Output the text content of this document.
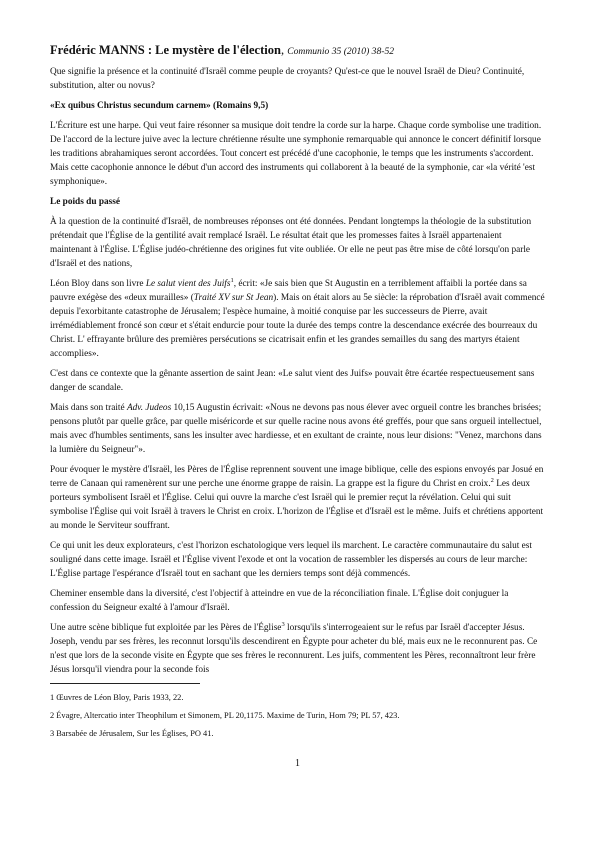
Frédéric MANNS : Le mystère de l'élection, Communio 35 (2010) 38-52

Que signifie la présence et la continuité d'Israël comme peuple de croyants? Qu'est-ce que le nouvel Israël de Dieu? Continuité, substitution, alter ou novus?

«Ex quibus Christus secundum carnem» (Romains 9,5)

L'Écriture est une harpe. Qui veut faire résonner sa musique doit tendre la corde sur la harpe. Chaque corde symbolise une tradition. De l'accord de la lecture juive avec la lecture chrétienne résulte une symphonie remarquable qui annonce le concert définitif lorsque les traditions abrahamiques seront accordées. Tout concert est précédé d'une cacophonie, le temps que les instruments s'accordent. Mais cette cacophonie annonce le début d'un accord des instruments qui collaborent à la beauté de la symphonie, car «la vérité 'est symphonique».

Le poids du passé

À la question de la continuité d'Israël, de nombreuses réponses ont été données. Pendant longtemps la théologie de la substitution prétendait que l'Église de la gentilité avait remplacé Israël. Le résultat était que les promesses faites à Israël appartenaient maintenant à l'Église. L'Église judéo-chrétienne des origines fut vite oubliée. Or elle ne peut pas être mise de côté lorsqu'on parle d'Israël et des nations,

Léon Bloy dans son livre Le salut vient des Juifs$^1$, écrit: «Je sais bien que St Augustin en a terriblement affaibli la portée dans sa pauvre exégèse des «deux murailles» (Traité XV sur St Jean). Mais on était alors au 5e siècle: la réprobation d'Israël avait commencé depuis l'exorbitante catastrophe de Jérusalem; l'espèce humaine, à moitié conquise par les successeurs de Pierre, avait irrémédiablement froncé son cœur et s'était endurcie pour toute la durée des temps contre la descendance exécrée des bourreaux du Christ. L' effrayante brûlure des premières persécutions se cicatrisait enfin et les grandes semailles du sang des martyrs étaient accomplies».

C'est dans ce contexte que la gênante assertion de saint Jean: «Le salut vient des Juifs» pouvait être écartée respectueusement sans danger de scandale.

Mais dans son traité Adv. Judeos 10,15 Augustin écrivait: «Nous ne devons pas nous élever avec orgueil contre les branches brisées; pensons plutôt par quelle grâce, par quelle miséricorde et sur quelle racine nous avons été greffés, pour que sans orgueil intellectuel, mais avec d'humbles sentiments, sans les insulter avec hardiesse, et en exultant de crainte, nous leur disions: "Venez, marchons dans la lumière du Seigneur"».

Pour évoquer le mystère d'Israël, les Pères de l'Église reprennent souvent une image biblique, celle des espions envoyés par Josué en terre de Canaan qui ramenèrent sur une perche une énorme grappe de raisin. La grappe est la figure du Christ en croix.$^2$ Les deux porteurs symbolisent Israël et l'Église. Celui qui ouvre la marche c'est Israël qui le premier reçut la révélation. Celui qui suit symbolise l'Église qui voit Israël à travers le Christ en croix. L'horizon de l'Église et d'Israël est le même. Juifs et chrétiens apportent au monde le Serviteur souffrant.

Ce qui unit les deux explorateurs, c'est l'horizon eschatologique vers lequel ils marchent. Le caractère communautaire du salut est souligné dans cette image. Israël et l'Église vivent l'exode et ont la vocation de rassembler les dispersés au cours de leur marche: L'Église partage l'espérance d'Israël tout en sachant que les derniers temps sont déjà commencés.

Cheminer ensemble dans la diversité, c'est l'objectif à atteindre en vue de la réconciliation finale. L'Église doit conjuguer la confession du Seigneur exalté à l'amour d'Israël.

Une autre scène biblique fut exploitée par les Pères de l'Église$^3$ lorsqu'ils s'interrogeaient sur le refus par Israël d'accepter Jésus. Joseph, vendu par ses frères, les reconnut lorsqu'ils descendirent en Égypte pour acheter du blé, mais eux ne le reconnurent pas. Ce n'est que lors de la seconde visite en Égypte que ses frères le reconnurent. Les juifs, commentent les Pères, reconnaîtront leur frère Jésus lorsqu'il viendra pour la seconde fois

1 Œuvres de Léon Bloy, Paris 1933, 22.

2 Évagre, Altercatio inter Theophilum et Simonem, PL 20,1175. Maxime de Turin, Hom 79; PL 57, 423.

3 Barsabée de Jérusalem, Sur les Églises, PO 41.

1
